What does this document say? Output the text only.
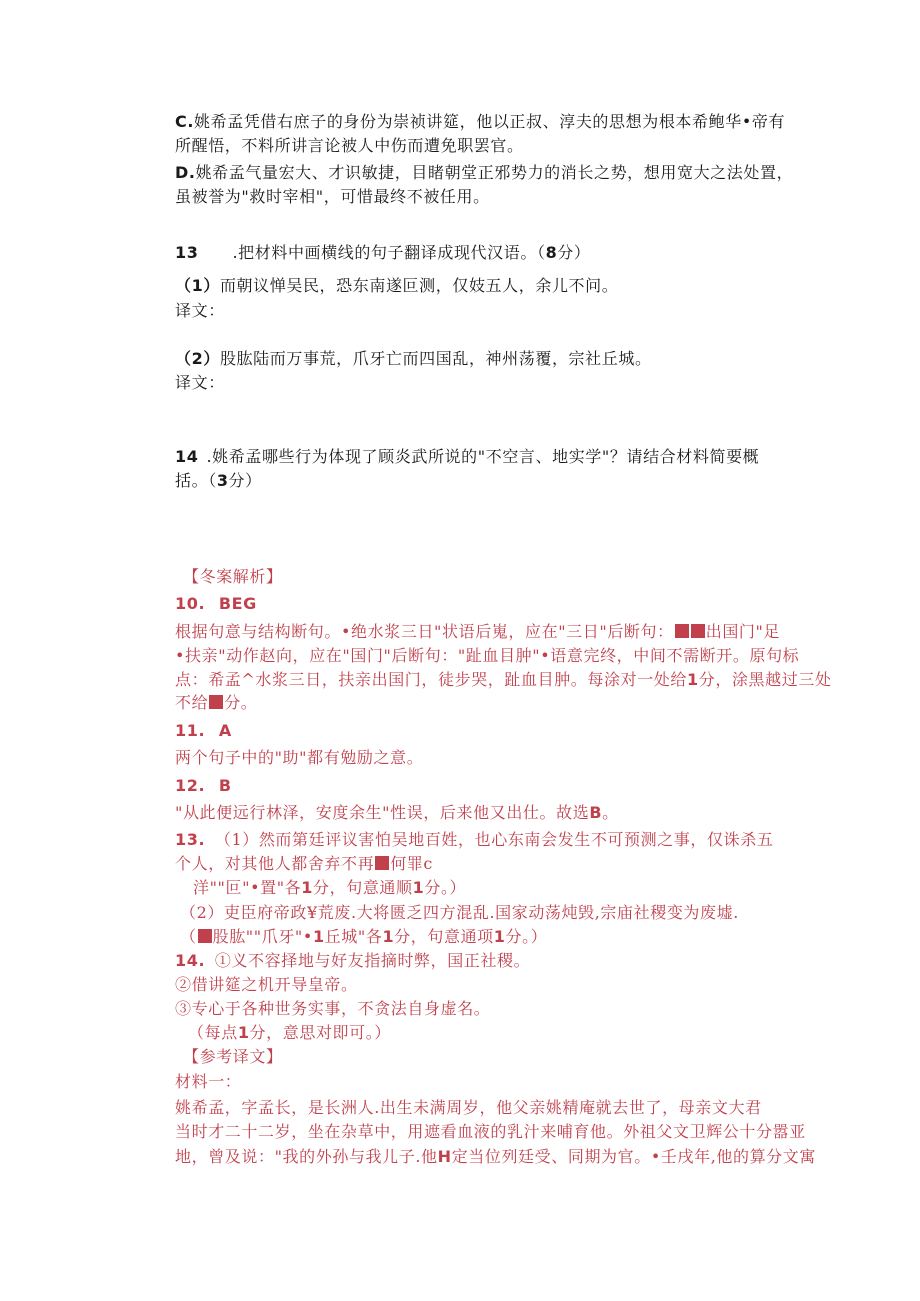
C.姚希孟凭借右庶子的身份为崇祯讲筵，他以正叔、淳夫的思想为根本希鲍华•帝有
所醒悟，不料所讲言论被人中伤而遭免职罢官。
D.姚希孟气量宏大、才识敏捷，目睹朝堂正邪势力的消长之势，想用宽大之法处置，
虽被誉为"救时宰相"，可惜最终不被任用。
13 .把材料中画横线的句子翻译成现代汉语。（8分）
（1）而朝议惮吴民，恐东南遂叵测，仅妓五人，余儿不问。
译文：
（2）股肱陆而万事荒，爪牙亡而四国乱，神州荡覆，宗社丘城。
译文：
14 .姚希孟哪些行为体现了顾炎武所说的"不空言、地实学"？请结合材料简要概
括。（3分）
【冬案解析】
10. BEG
根据句意与结构断句。•绝水浆三日"状语后嵬，应在"三日"后断句： 出国门"足
•扶亲"动作赵向，应在"国门"后断句："趾血目肿"•语意完终，中间不需断开。原句标
点：希孟^水浆三日，扶亲出国门，徒步哭，趾血目肿。每涂对一处给1分，涂黑越过三处
不给 分。
11. A
两个句子中的"助"都有勉励之意。
12. B
"从此便远行林泽，安度余生"性误，后来他又出仕。故选B。
13. （1）然而第廷评议害怕吴地百姓，也心东南会发生不可预测之事，仅诛杀五
个人，对其他人都舍弃不再 何罪c
洋""叵"•置"各1分，句意通顺1分。）
（2）吏臣府帝政¥荒废.大将匮乏四方混乱.国家动荡炖毁,宗庙社稷变为废墟.
（ 股肱""爪牙"•1丘城"各1分，句意通项1分。）
14. ①义不容择地与好友指摘时弊，国正社稷。
②借讲筵之机开导皇帝。
③专心于各种世务实事，不贪法自身虚名。
（每点1分，意思对即可。）
【参考译文】
材料一：
姚希孟，字孟长，是长洲人.出生未满周岁，他父亲姚精庵就去世了，母亲文大君
当时才二十二岁，坐在杂草中，用遮看血液的乳汁来哺育他。外祖父文卫辉公十分嚣亚
地，曾及说："我的外孙与我儿子.他H定当位列廷受、同期为官。•壬戌年,他的算分文寓
